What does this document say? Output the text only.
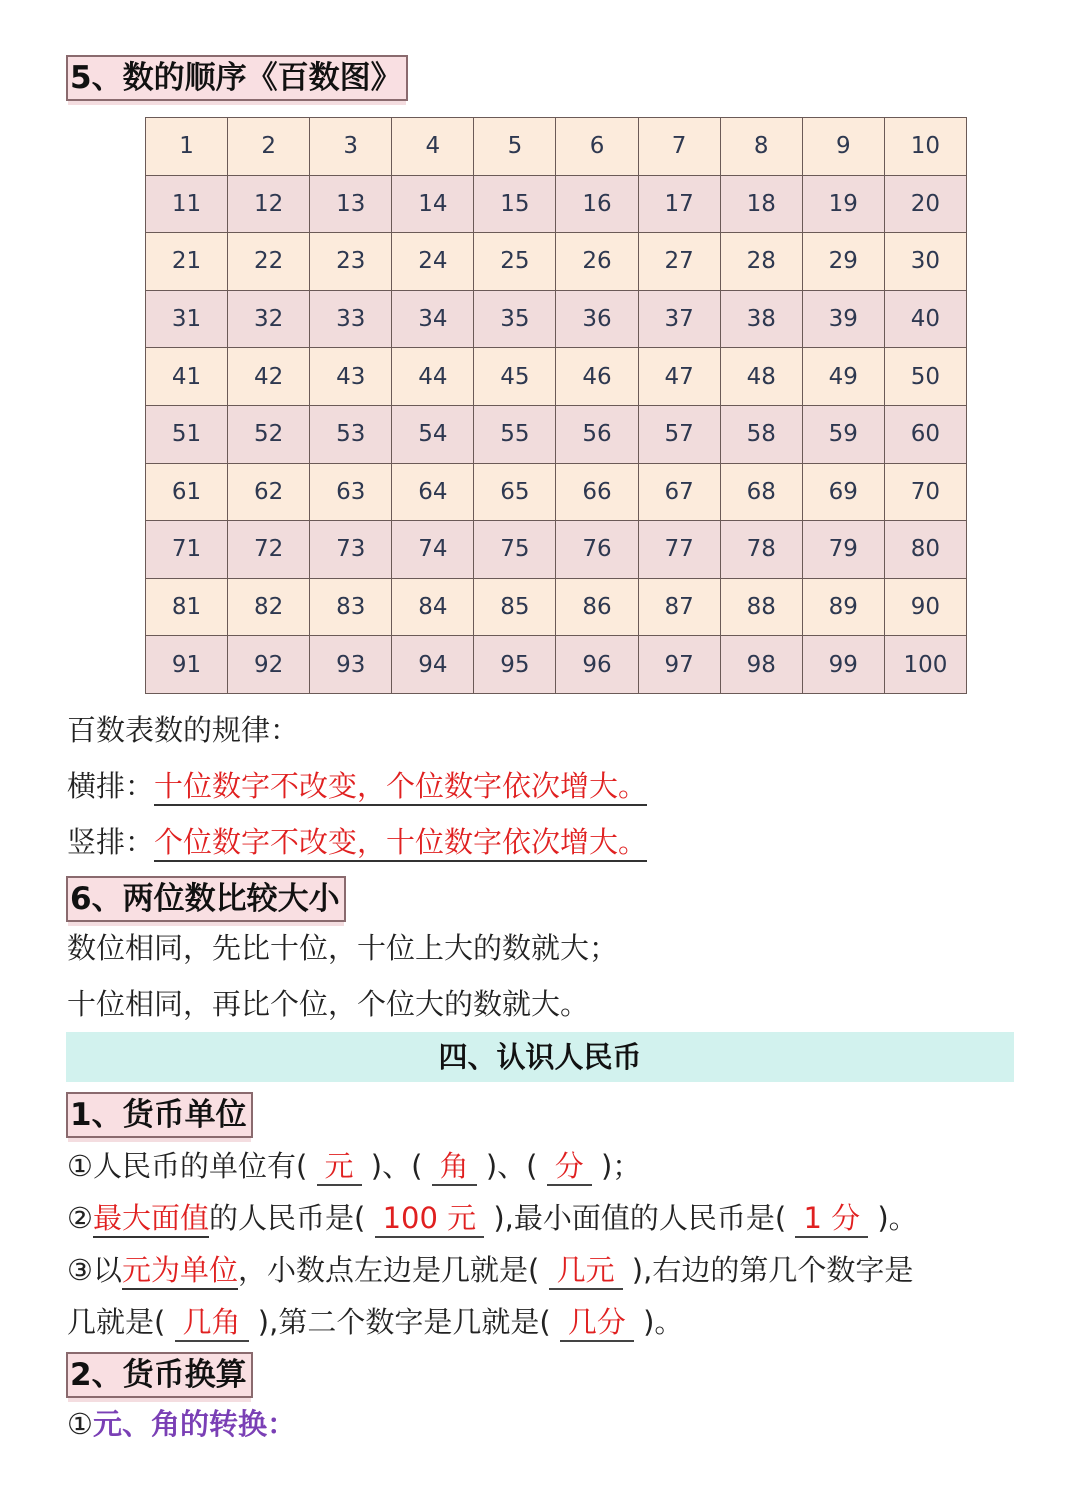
5、数的顺序《百数图》
1	2	3	4	5	6	7	8	9	10
11	12	13	14	15	16	17	18	19	20
21	22	23	24	25	26	27	28	29	30
31	32	33	34	35	36	37	38	39	40
41	42	43	44	45	46	47	48	49	50
51	52	53	54	55	56	57	58	59	60
61	62	63	64	65	66	67	68	69	70
71	72	73	74	75	76	77	78	79	80
81	82	83	84	85	86	87	88	89	90
91	92	93	94	95	96	97	98	99	100
百数表数的规律：
横排：十位数字不改变，个位数字依次增大。
竖排：个位数字不改变，十位数字依次增大。
6、两位数比较大小
数位相同，先比十位，十位上大的数就大；
十位相同，再比个位，个位大的数就大。
四、认识人民币
1、货币单位
①人民币的单位有( 元 )、( 角 )、( 分 )；
②最大面值的人民币是( 100 元 ),最小面值的人民币是( 1 分 )。
③以元为单位，小数点左边是几就是( 几元 ),右边的第几个数字是
几就是( 几角 ),第二个数字是几就是( 几分 )。
2、货币换算
①元、角的转换：
